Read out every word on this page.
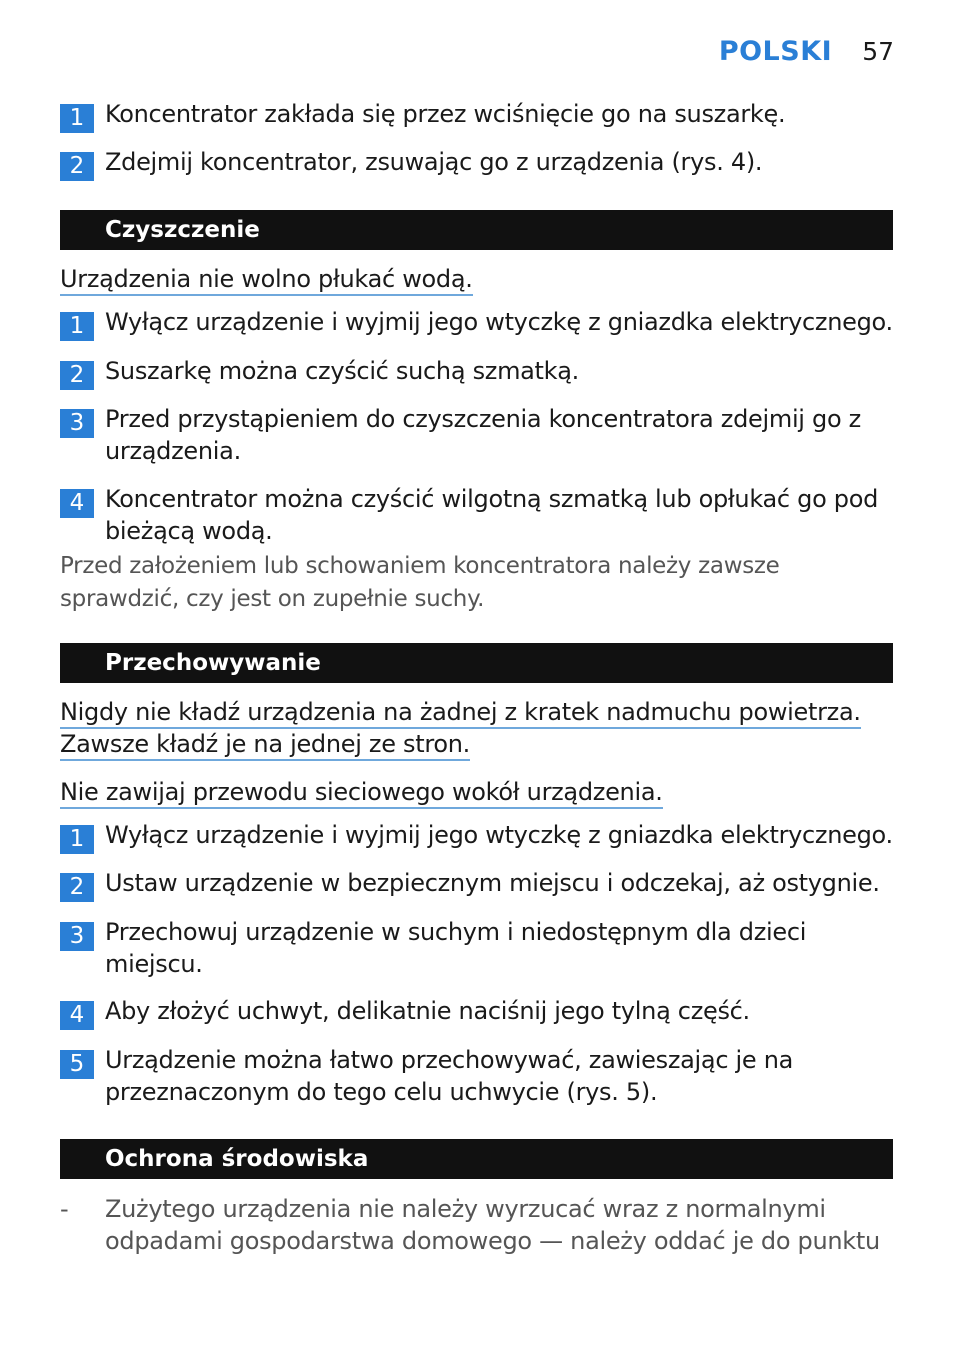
POLSKI 57
1 Koncentrator zakłada się przez wciśnięcie go na suszarkę.
2 Zdejmij koncentrator, zsuwając go z urządzenia (rys. 4).
Czyszczenie
Urządzenia nie wolno płukać wodą.
1 Wyłącz urządzenie i wyjmij jego wtyczkę z gniazdka elektrycznego.
2 Suszarkę można czyścić suchą szmatką.
3 Przed przystąpieniem do czyszczenia koncentratora zdejmij go z urządzenia.
4 Koncentrator można czyścić wilgotną szmatką lub opłukać go pod bieżącą wodą.
Przed założeniem lub schowaniem koncentratora należy zawsze sprawdzić, czy jest on zupełnie suchy.
Przechowywanie
Nigdy nie kładź urządzenia na żadnej z kratek nadmuchu powietrza.
Zawsze kładź je na jednej ze stron.
Nie zawijaj przewodu sieciowego wokół urządzenia.
1 Wyłącz urządzenie i wyjmij jego wtyczkę z gniazdka elektrycznego.
2 Ustaw urządzenie w bezpiecznym miejscu i odczekaj, aż ostygnie.
3 Przechowuj urządzenie w suchym i niedostępnym dla dzieci miejscu.
4 Aby złożyć uchwyt, delikatnie naciśnij jego tylną część.
5 Urządzenie można łatwo przechowywać, zawieszając je na przeznaczonym do tego celu uchwycie (rys. 5).
Ochrona środowiska
- Zużytego urządzenia nie należy wyrzucać wraz z normalnymi odpadami gospodarstwa domowego — należy oddać je do punktu
